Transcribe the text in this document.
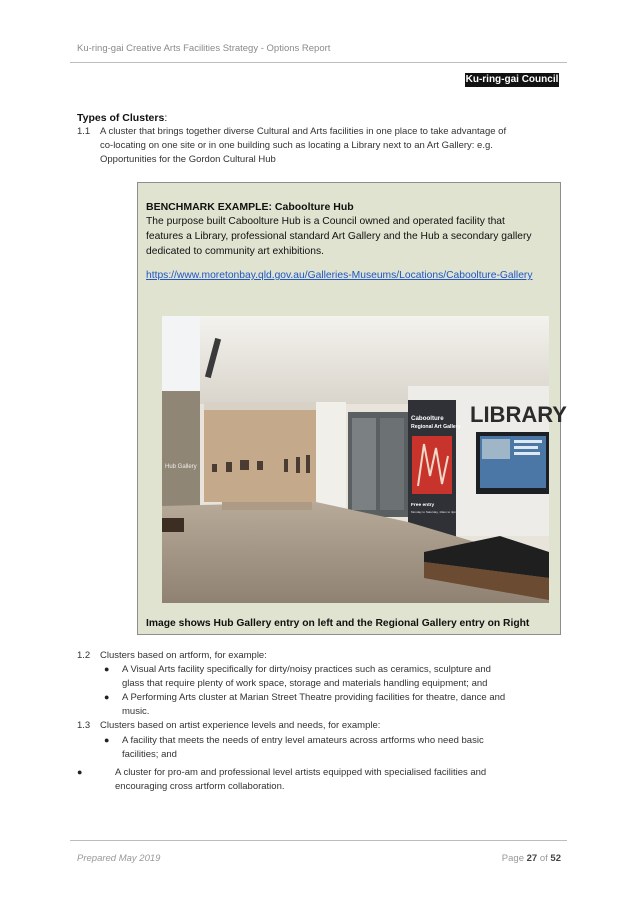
Ku-ring-gai Creative Arts Facilities Strategy - Options Report
Ku-ring-gai Council
Types of Clusters:
1.1 A cluster that brings together diverse Cultural and Arts facilities in one place to take advantage of
co-locating on one site or in one building such as locating a Library next to an Art Gallery: e.g.
Opportunities for the Gordon Cultural Hub
BENCHMARK EXAMPLE: Caboolture Hub
The purpose built Caboolture Hub is a Council owned and operated facility that
features a Library, professional standard Art Gallery and the Hub a secondary gallery
dedicated to community art exhibitions.
https://www.moretonbay.qld.gov.au/Galleries-Museums/Locations/Caboolture-Gallery
Hub Gallery
Caboolture
Regional Art Gallery
Free entry
Monday to Saturday, 10am to 4pm
LIBRARY
Image shows Hub Gallery entry on left and the Regional Gallery entry on Right
1.2 Clusters based on artform, for example:
● A Visual Arts facility specifically for dirty/noisy practices such as ceramics, sculpture and
glass that require plenty of work space, storage and materials handling equipment; and
● A Performing Arts cluster at Marian Street Theatre providing facilities for theatre, dance and
music.
1.3 Clusters based on artist experience levels and needs, for example:
● A facility that meets the needs of entry level amateurs across artforms who need basic
facilities; and
●	A cluster for pro-am and professional level artists equipped with specialised facilities and
encouraging cross artform collaboration.
Prepared May 2019	Page 27 of 52
